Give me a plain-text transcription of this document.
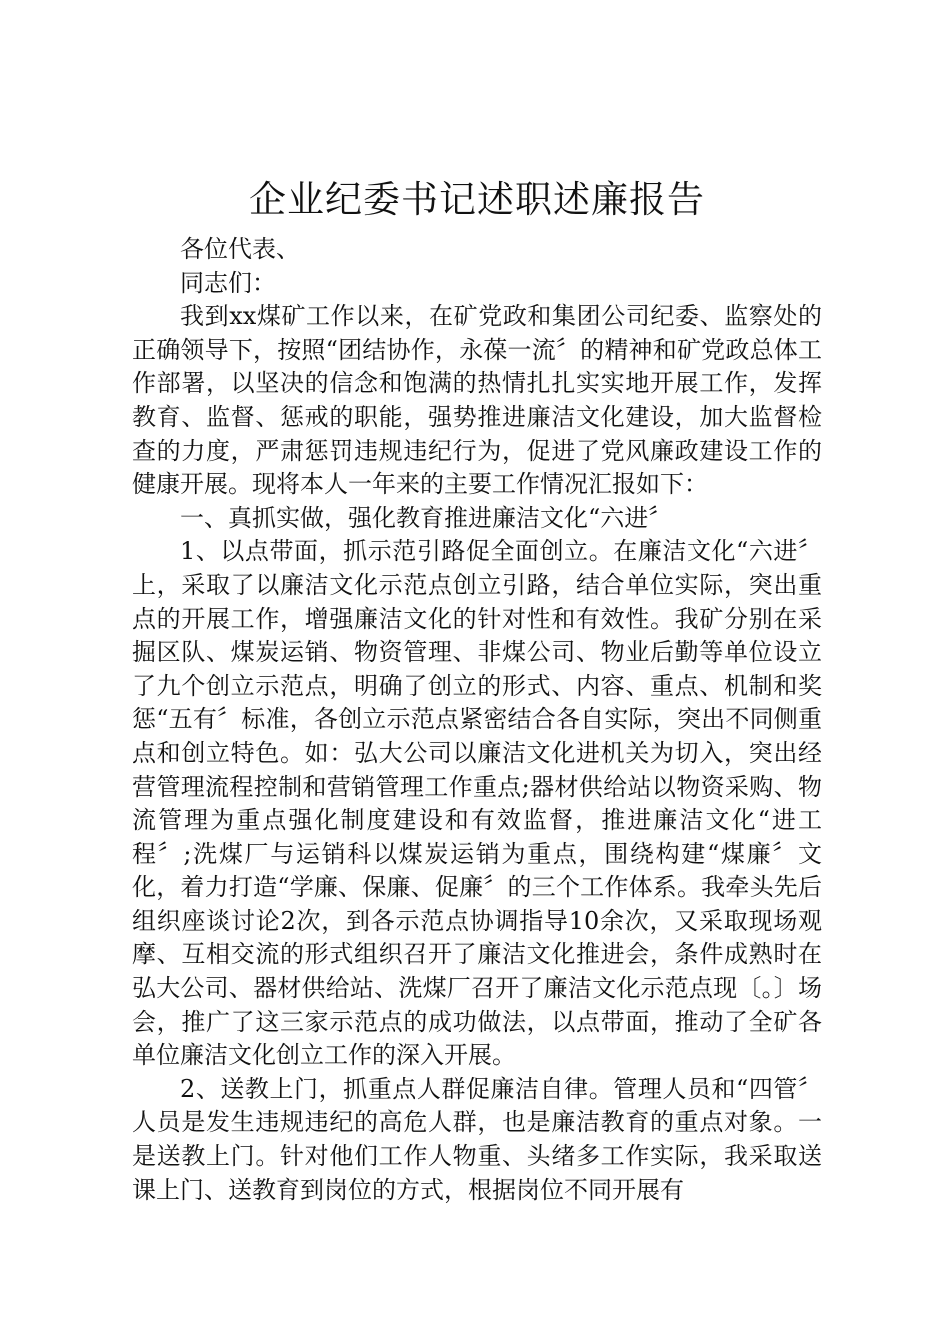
企业纪委书记述职述廉报告

各位代表、

同志们：

我到xx煤矿工作以来，在矿党政和集团公司纪委、监察处的正确领导下，按照“团结协作，永葆一流〞的精神和矿党政总体工作部署，以坚决的信念和饱满的热情扎扎实实地开展工作，发挥教育、监督、惩戒的职能，强势推进廉洁文化建设，加大监督检查的力度，严肃惩罚违规违纪行为，促进了党风廉政建设工作的健康开展。现将本人一年来的主要工作情况汇报如下：

一、真抓实做，强化教育推进廉洁文化“六进〞

1、以点带面，抓示范引路促全面创立。在廉洁文化“六进〞上，采取了以廉洁文化示范点创立引路，结合单位实际，突出重点的开展工作，增强廉洁文化的针对性和有效性。我矿分别在采掘区队、煤炭运销、物资管理、非煤公司、物业后勤等单位设立了九个创立示范点，明确了创立的形式、内容、重点、机制和奖惩“五有〞标准，各创立示范点紧密结合各自实际，突出不同侧重点和创立特色。如：弘大公司以廉洁文化进机关为切入，突出经营管理流程控制和营销管理工作重点;器材供给站以物资采购、物流管理为重点强化制度建设和有效监督，推进廉洁文化“进工程〞;洗煤厂与运销科以煤炭运销为重点，围绕构建“煤廉〞文化，着力打造“学廉、保廉、促廉〞的三个工作体系。我牵头先后组织座谈讨论2次，到各示范点协调指导10余次，又采取现场观摩、互相交流的形式组织召开了廉洁文化推进会，条件成熟时在弘大公司、器材供给站、洗煤厂召开了廉洁文化示范点现〔。〕场会，推广了这三家示范点的成功做法，以点带面，推动了全矿各单位廉洁文化创立工作的深入开展。

2、送教上门，抓重点人群促廉洁自律。管理人员和“四管〞人员是发生违规违纪的高危人群，也是廉洁教育的重点对象。一是送教上门。针对他们工作人物重、头绪多工作实际，我采取送课上门、送教育到岗位的方式，根据岗位不同开展有
